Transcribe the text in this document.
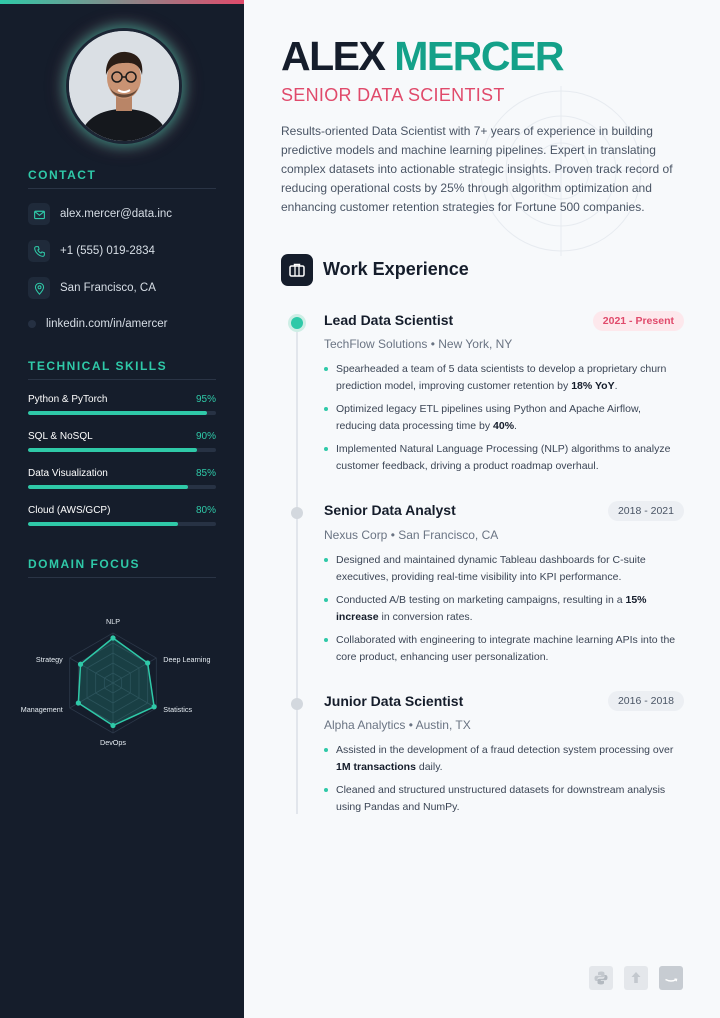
CONTACT
alex.mercer@data.inc
+1 (555) 019-2834
San Francisco, CA
linkedin.com/in/amercer
TECHNICAL SKILLS
Python & PyTorch	95%
SQL & NoSQL	90%
Data Visualization	85%
Cloud (AWS/GCP)	80%
DOMAIN FOCUS
NLP
Deep Learning
Statistics
DevOps
Management
Strategy
ALEX MERCER
SENIOR DATA SCIENTIST

Results-oriented Data Scientist with 7+ years of experience in building predictive models and machine learning pipelines. Expert in translating complex datasets into actionable strategic insights. Proven track record of reducing operational costs by 25% through algorithm optimization and enhancing customer retention strategies for Fortune 500 companies.

Work Experience
Lead Data Scientist	2021 - Present
TechFlow Solutions • New York, NY
Spearheaded a team of 5 data scientists to develop a proprietary churn prediction model, improving customer retention by 18% YoY.
Optimized legacy ETL pipelines using Python and Apache Airflow, reducing data processing time by 40%.
Implemented Natural Language Processing (NLP) algorithms to analyze customer feedback, driving a product roadmap overhaul.
Senior Data Analyst	2018 - 2021
Nexus Corp • San Francisco, CA
Designed and maintained dynamic Tableau dashboards for C-suite executives, providing real-time visibility into KPI performance.
Conducted A/B testing on marketing campaigns, resulting in a 15% increase in conversion rates.
Collaborated with engineering to integrate machine learning APIs into the core product, enhancing user personalization.
Junior Data Scientist	2016 - 2018
Alpha Analytics • Austin, TX
Assisted in the development of a fraud detection system processing over 1M transactions daily.
Cleaned and structured unstructured datasets for downstream analysis using Pandas and NumPy.
